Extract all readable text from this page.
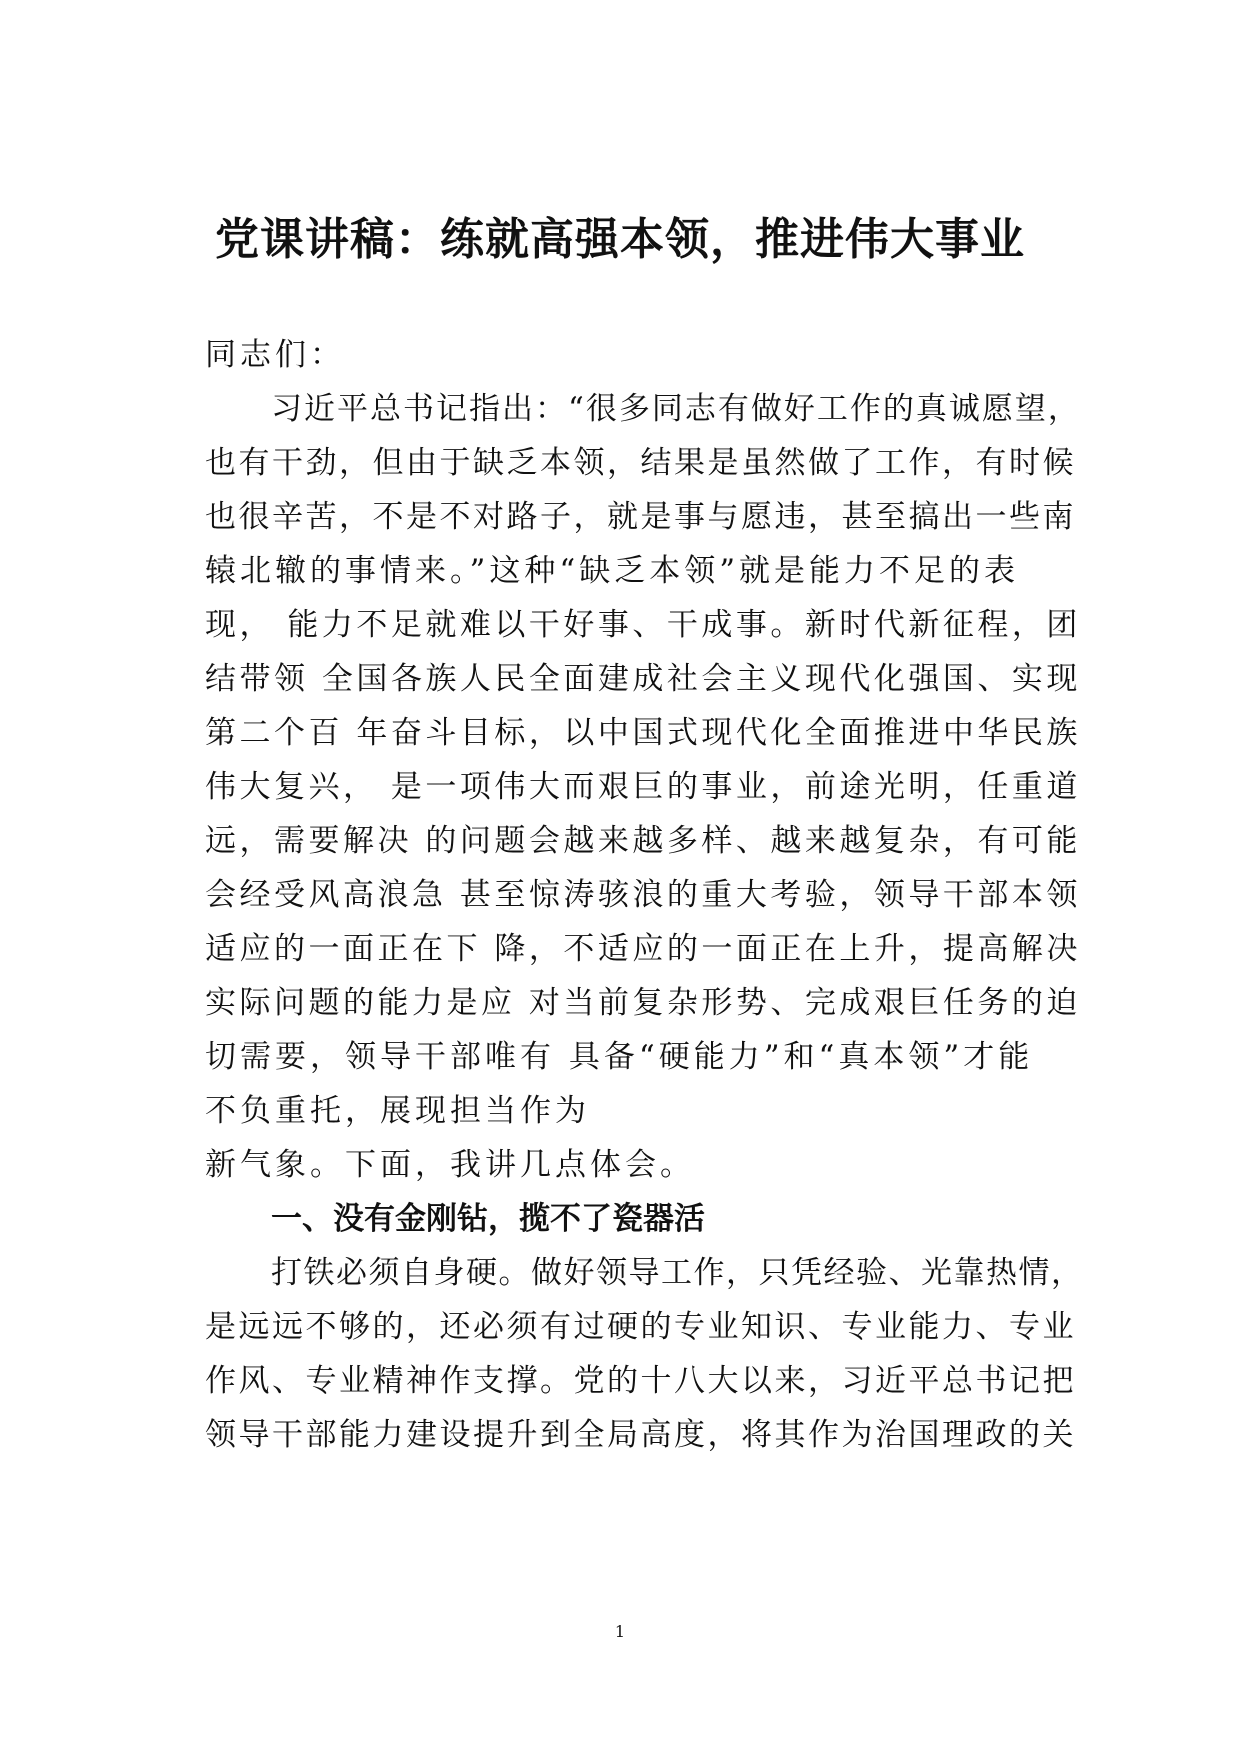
党课讲稿：练就高强本领，推进伟大事业
同志们：
习近平总书记指出：“很多同志有做好工作的真诚愿望，
也有干劲，但由于缺乏本领，结果是虽然做了工作，有时候
也很辛苦，不是不对路子，就是事与愿违，甚至搞出一些南
辕北辙的事情来。”这种“缺乏本领”就是能力不足的表
现， 能力不足就难以干好事、干成事。新时代新征程，团
结带领 全国各族人民全面建成社会主义现代化强国、实现
第二个百 年奋斗目标，以中国式现代化全面推进中华民族
伟大复兴， 是一项伟大而艰巨的事业，前途光明，任重道
远，需要解决 的问题会越来越多样、越来越复杂，有可能
会经受风高浪急 甚至惊涛骇浪的重大考验，领导干部本领
适应的一面正在下 降，不适应的一面正在上升，提高解决
实际问题的能力是应 对当前复杂形势、完成艰巨任务的迫
切需要，领导干部唯有 具备“硬能力”和“真本领”才能
不负重托，展现担当作为
新气象。下面，我讲几点体会。
一、没有金刚钻，揽不了瓷器活
打铁必须自身硬。做好领导工作，只凭经验、光靠热情，
是远远不够的，还必须有过硬的专业知识、专业能力、专业
作风、专业精神作支撑。党的十八大以来，习近平总书记把
领导干部能力建设提升到全局高度，将其作为治国理政的关
1
